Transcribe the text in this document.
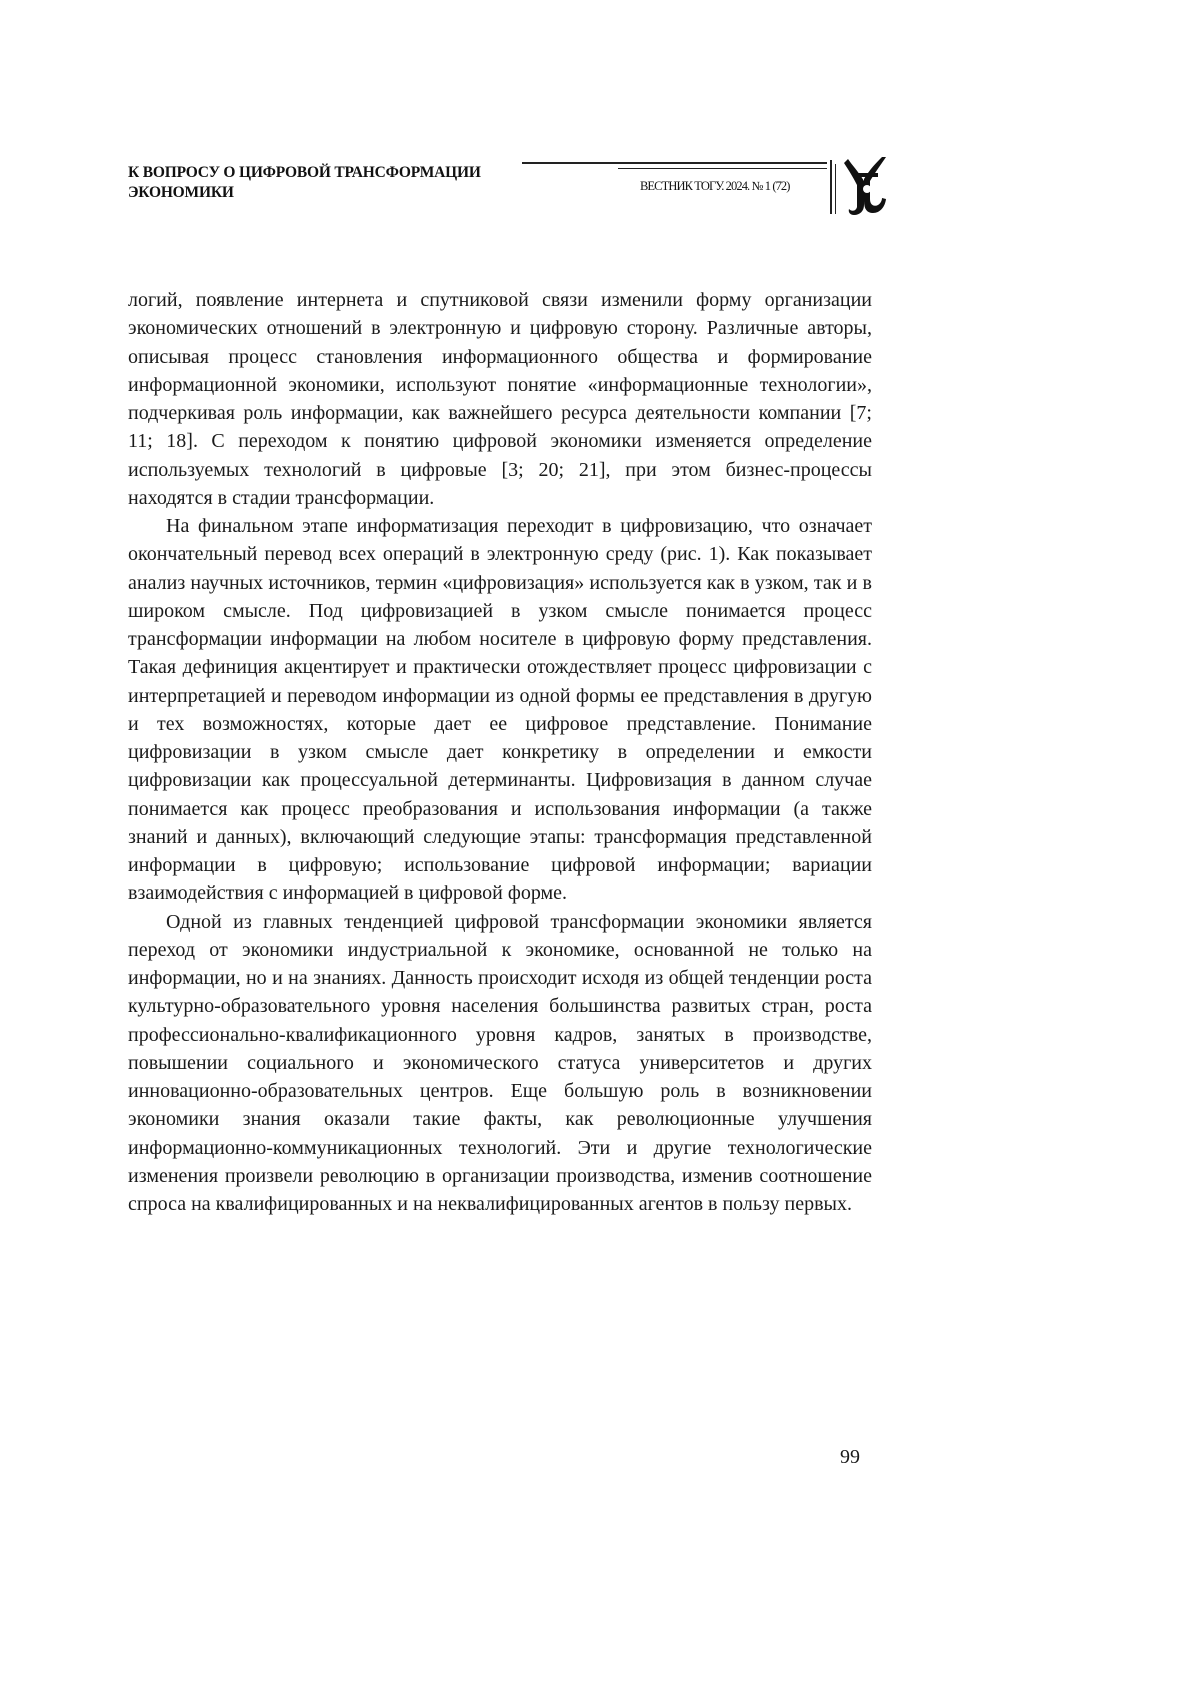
К ВОПРОСУ О ЦИФРОВОЙ ТРАНСФОРМАЦИИ ЭКОНОМИКИ	ВЕСТНИК ТОГУ. 2024. № 1 (72)

логий, появление интернета и спутниковой связи изменили форму организации экономических отношений в электронную и цифровую сторону. Различные авторы, описывая процесс становления информационного общества и формирование информационной экономики, используют понятие «информационные технологии», подчеркивая роль информации, как важнейшего ресурса деятельности компании [7; 11; 18]. С переходом к понятию цифровой экономики изменяется определение используемых технологий в цифровые [3; 20; 21], при этом бизнес-процессы находятся в стадии трансформации.

На финальном этапе информатизация переходит в цифровизацию, что означает окончательный перевод всех операций в электронную среду (рис. 1). Как показывает анализ научных источников, термин «цифровизация» используется как в узком, так и в широком смысле. Под цифровизацией в узком смысле понимается процесс трансформации информации на любом носителе в цифровую форму представления. Такая дефиниция акцентирует и практически отождествляет процесс цифровизации с интерпретацией и переводом информации из одной формы ее представления в другую и тех возможностях, которые дает ее цифровое представление. Понимание цифровизации в узком смысле дает конкретику в определении и емкости цифровизации как процессуальной детерминанты. Цифровизация в данном случае понимается как процесс преобразования и использования информации (а также знаний и данных), включающий следующие этапы: трансформация представленной информации в цифровую; использование цифровой информации; вариации взаимодействия с информацией в цифровой форме.

Одной из главных тенденцией цифровой трансформации экономики является переход от экономики индустриальной к экономике, основанной не только на информации, но и на знаниях. Данность происходит исходя из общей тенденции роста культурно-образовательного уровня населения большинства развитых стран, роста профессионально-квалификационного уровня кадров, занятых в производстве, повышении социального и экономического статуса университетов и других инновационно-образовательных центров. Еще большую роль в возникновении экономики знания оказали такие факты, как революционные улучшения информационно-коммуникационных технологий. Эти и другие технологические изменения произвели революцию в организации производства, изменив соотношение спроса на квалифицированных и на неквалифицированных агентов в пользу первых.

99
